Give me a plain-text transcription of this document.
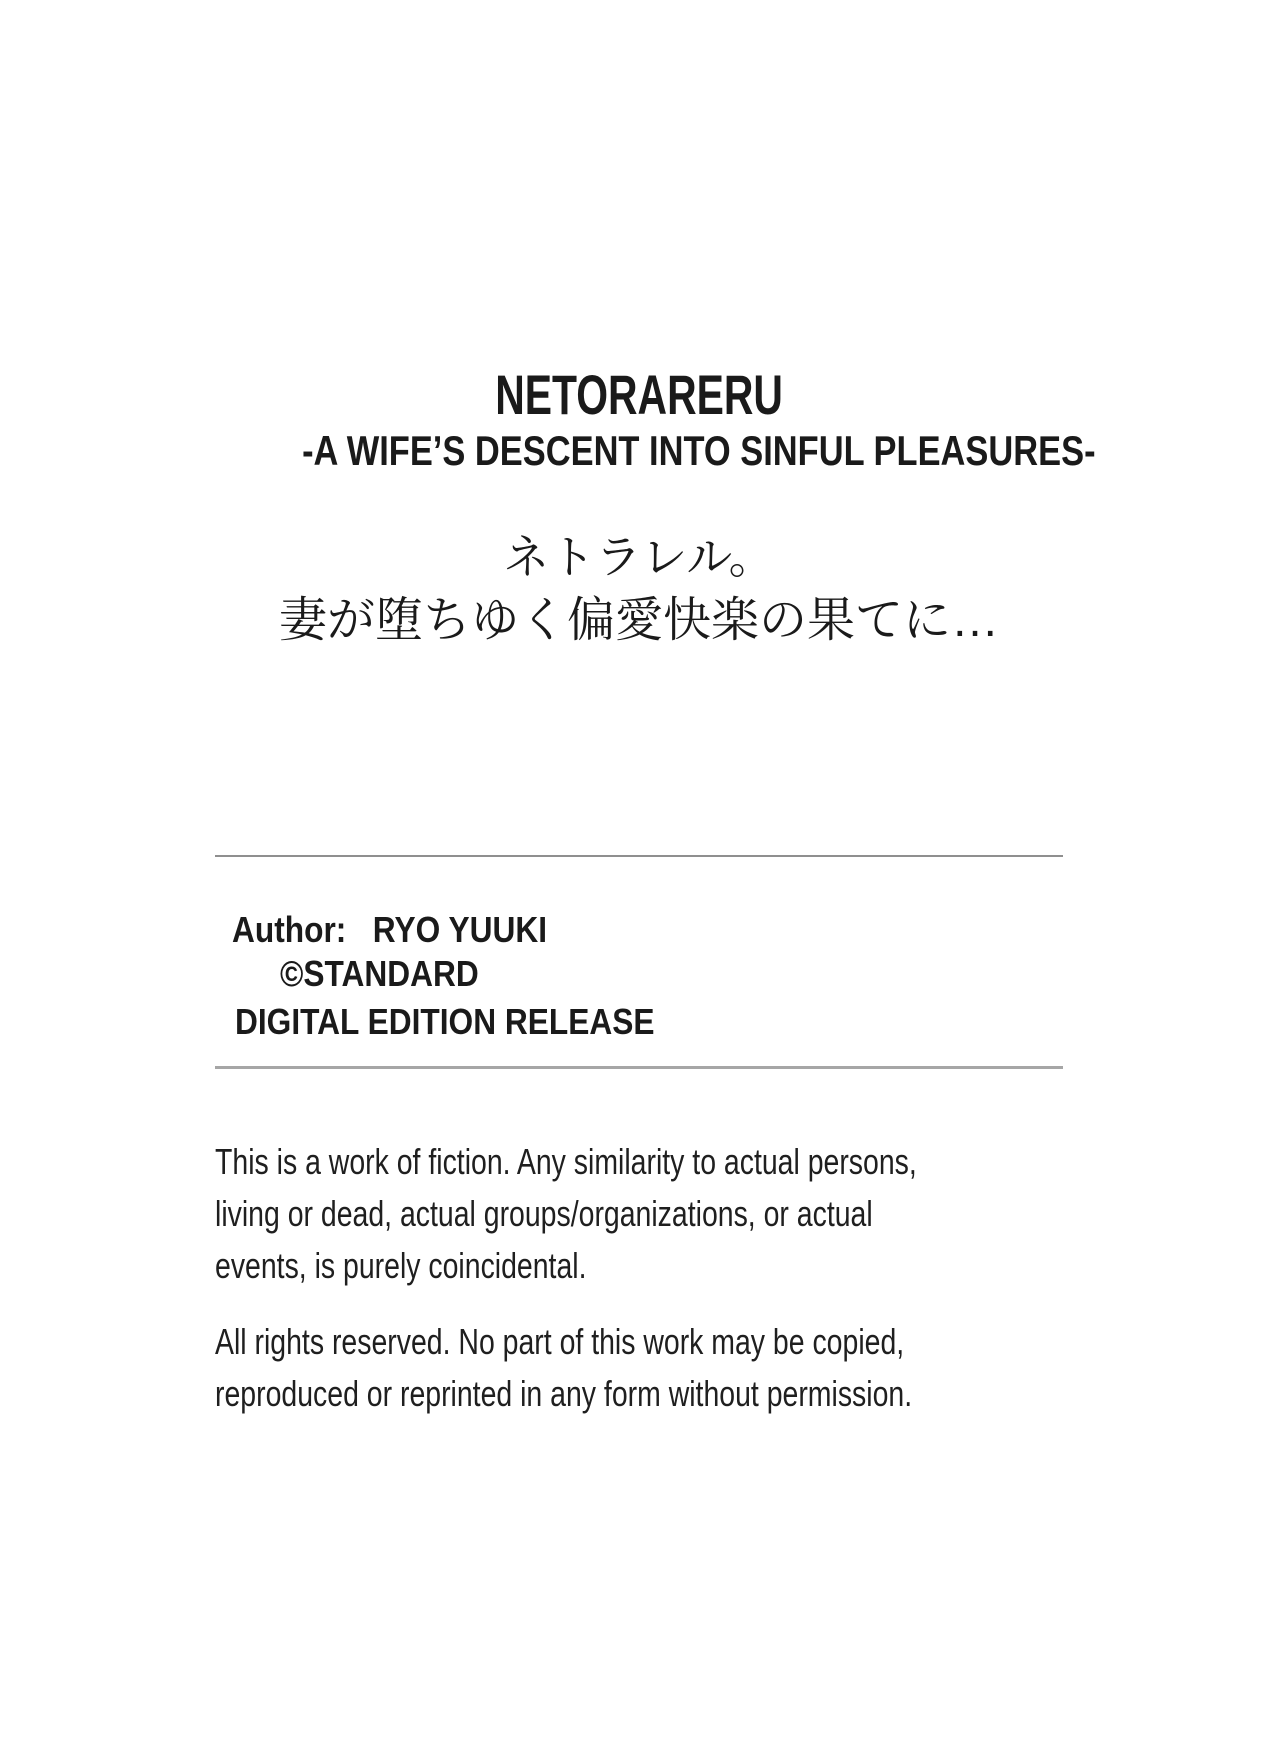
NETORARERU
-A WIFE’S DESCENT INTO SINFUL PLEASURES-
ネトラレル。
妻が堕ちゆく偏愛快楽の果てに…
Author: RYO YUUKI
©STANDARD
DIGITAL EDITION RELEASE
This is a work of fiction. Any similarity to actual persons,
living or dead, actual groups/organizations, or actual
events, is purely coincidental.
All rights reserved. No part of this work may be copied,
reproduced or reprinted in any form without permission.
